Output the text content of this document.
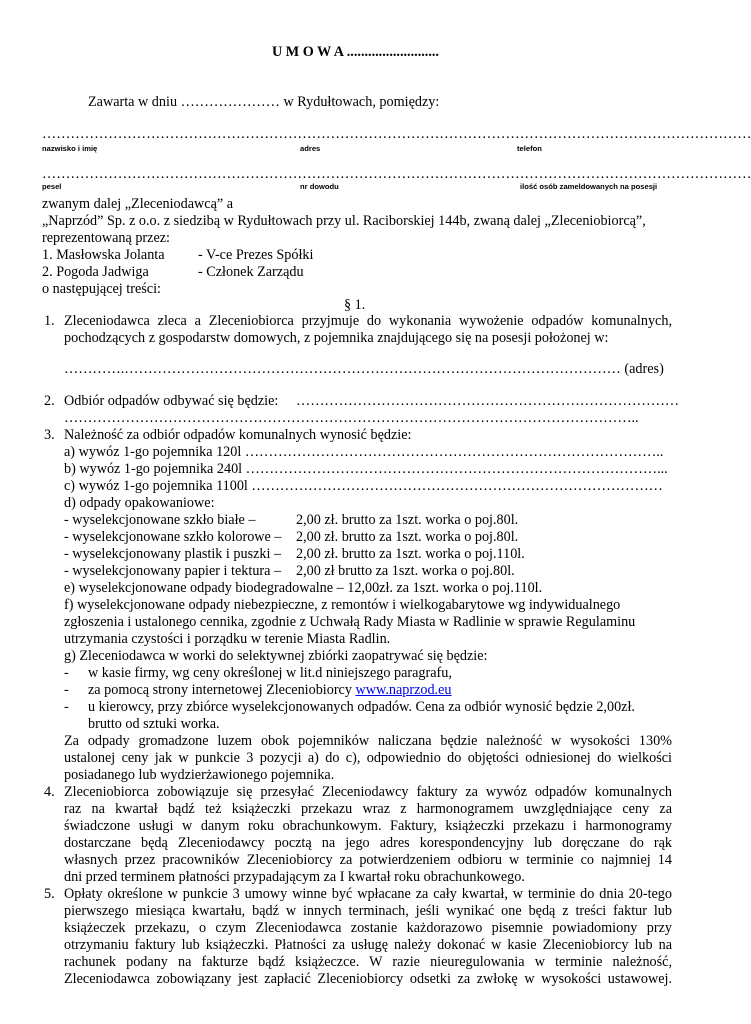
U M O W A ..........................
Zawarta w dniu ………………… w Rydułtowach, pomiędzy:
……………………………………………………………………………………………………………………………………
nazwisko i imię	adres	telefon
……………………………………………………………………………………………………………………………………
pesel	nr dowodu	ilość osób zameldowanych na posesji
zwanym dalej „Zleceniodawcą” a
„Naprzód” Sp. z o.o. z siedzibą w Rydułtowach przy ul. Raciborskiej 144b, zwaną dalej „Zleceniobiorcą”,
reprezentowaną przez:
1. Masłowska Jolanta - V-ce Prezes Spółki
2. Pogoda Jadwiga	- Członek Zarządu
o następującej treści:
§ 1.
1. Zleceniodawca zleca a Zleceniobiorca przyjmuje do wykonania wywożenie odpadów komunalnych,
pochodzących z gospodarstw domowych, z pojemnika znajdującego się na posesji położonej w:
………….…………………………………………………………………………………………… (adres)
2. Odbiór odpadów odbywać się będzie: ………………………………………………………………………
…………………………………………………………………………………………………………..
3. Należność za odbiór odpadów komunalnych wynosić będzie:
a) wywóz 1-go pojemnika 120l ……………………………………………………………………………..
b) wywóz 1-go pojemnika 240l ……………………………………………………………………………...
c) wywóz 1-go pojemnika 1100l ……………………………………………………………………………
d) odpady opakowaniowe:
- wyselekcjonowane szkło białe –	2,00 zł. brutto za 1szt. worka o poj.80l.
- wyselekcjonowane szkło kolorowe – 2,00 zł. brutto za 1szt. worka o poj.80l.
- wyselekcjonowany plastik i puszki – 2,00 zł. brutto za 1szt. worka o poj.110l.
- wyselekcjonowany papier i tektura – 2,00 zł brutto za 1szt. worka o poj.80l.
e) wyselekcjonowane odpady biodegradowalne – 12,00zł. za 1szt. worka o poj.110l.
f) wyselekcjonowane odpady niebezpieczne, z remontów i wielkogabarytowe wg indywidualnego
zgłoszenia i ustalonego cennika, zgodnie z Uchwałą Rady Miasta w Radlinie w sprawie Regulaminu
utrzymania czystości i porządku w terenie Miasta Radlin.
g) Zleceniodawca w worki do selektywnej zbiórki zaopatrywać się będzie:
- w kasie firmy, wg ceny określonej w lit.d niniejszego paragrafu,
- za pomocą strony internetowej Zleceniobiorcy www.naprzod.eu
- u kierowcy, przy zbiórce wyselekcjonowanych odpadów. Cena za odbiór wynosić będzie 2,00zł.
brutto od sztuki worka.
Za odpady gromadzone luzem obok pojemników naliczana będzie należność w wysokości 130%
ustalonej ceny jak w punkcie 3 pozycji a) do c), odpowiednio do objętości odniesionej do wielkości
posiadanego lub wydzierżawionego pojemnika.
4. Zleceniobiorca zobowiązuje się przesyłać Zleceniodawcy faktury za wywóz odpadów komunalnych
raz na kwartał bądź też książeczki przekazu wraz z harmonogramem uwzględniające ceny za
świadczone usługi w danym roku obrachunkowym. Faktury, książeczki przekazu i harmonogramy
dostarczane będą Zleceniodawcy pocztą na jego adres korespondencyjny lub doręczane do rąk
własnych przez pracowników Zleceniobiorcy za potwierdzeniem odbioru w terminie co najmniej 14
dni przed terminem płatności przypadającym za I kwartał roku obrachunkowego.
5. Opłaty określone w punkcie 3 umowy winne być wpłacane za cały kwartał, w terminie do dnia 20-tego
pierwszego miesiąca kwartału, bądź w innych terminach, jeśli wynikać one będą z treści faktur lub
książeczek przekazu, o czym Zleceniodawca zostanie każdorazowo pisemnie powiadomiony przy
otrzymaniu faktury lub książeczki. Płatności za usługę należy dokonać w kasie Zleceniobiorcy lub na
rachunek podany na fakturze bądź książeczce. W razie nieuregulowania w terminie należność,
Zleceniodawca zobowiązany jest zapłacić Zleceniobiorcy odsetki za zwłokę w wysokości ustawowej.
